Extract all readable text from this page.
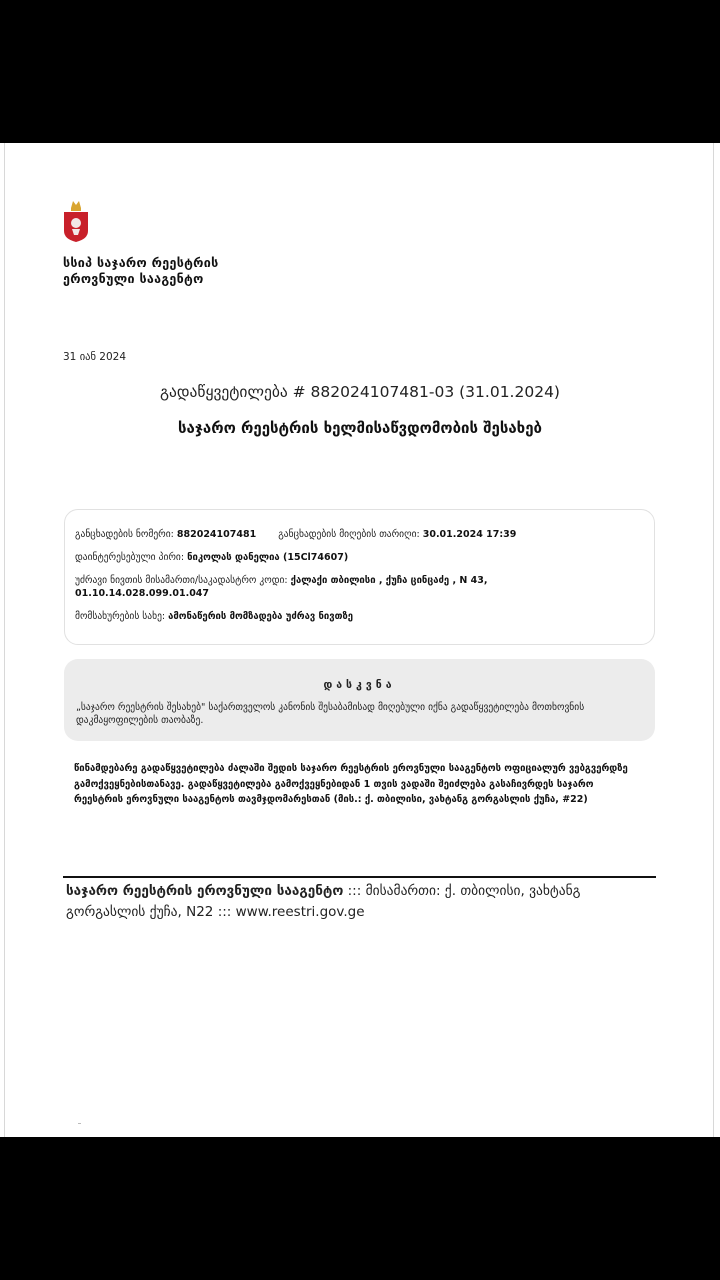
სსიპ საჯარო რეესტრის
ეროვნული სააგენტო
31 იან 2024
გადაწყვეტილება # 882024107481-03 (31.01.2024)
საჯარო რეესტრის ხელმისაწვდომობის შესახებ
განცხადების ნომერი: 882024107481 განცხადების მიღების თარიღი: 30.01.2024 17:39
დაინტერესებული პირი: ნიკოლას დანელია (15Cl74607)
უძრავი ნივთის მისამართი/საკადასტრო კოდი: ქალაქი თბილისი , ქუჩა ცინცაძე , N 43,
01.10.14.028.099.01.047
მომსახურების სახე: ამონაწერის მომზადება უძრავ ნივთზე
დასკვნა
„საჯარო რეესტრის შესახებ" საქართველოს კანონის შესაბამისად მიღებული იქნა გადაწყვეტილება მოთხოვნის დაკმაყოფილების თაობაზე.
წინამდებარე გადაწყვეტილება ძალაში შედის საჯარო რეესტრის ეროვნული სააგენტოს ოფიციალურ ვებგვერდზე გამოქვეყნებისთანავე. გადაწყვეტილება გამოქვეყნებიდან 1 თვის ვადაში შეიძლება გასაჩივრდეს საჯარო რეესტრის ეროვნული სააგენტოს თავმჯდომარესთან (მის.: ქ. თბილისი, ვახტანგ გორგასლის ქუჩა, #22)
საჯარო რეესტრის ეროვნული სააგენტო ::: მისამართი: ქ. თბილისი, ვახტანგ გორგასლის ქუჩა, N22 ::: www.reestri.gov.ge
